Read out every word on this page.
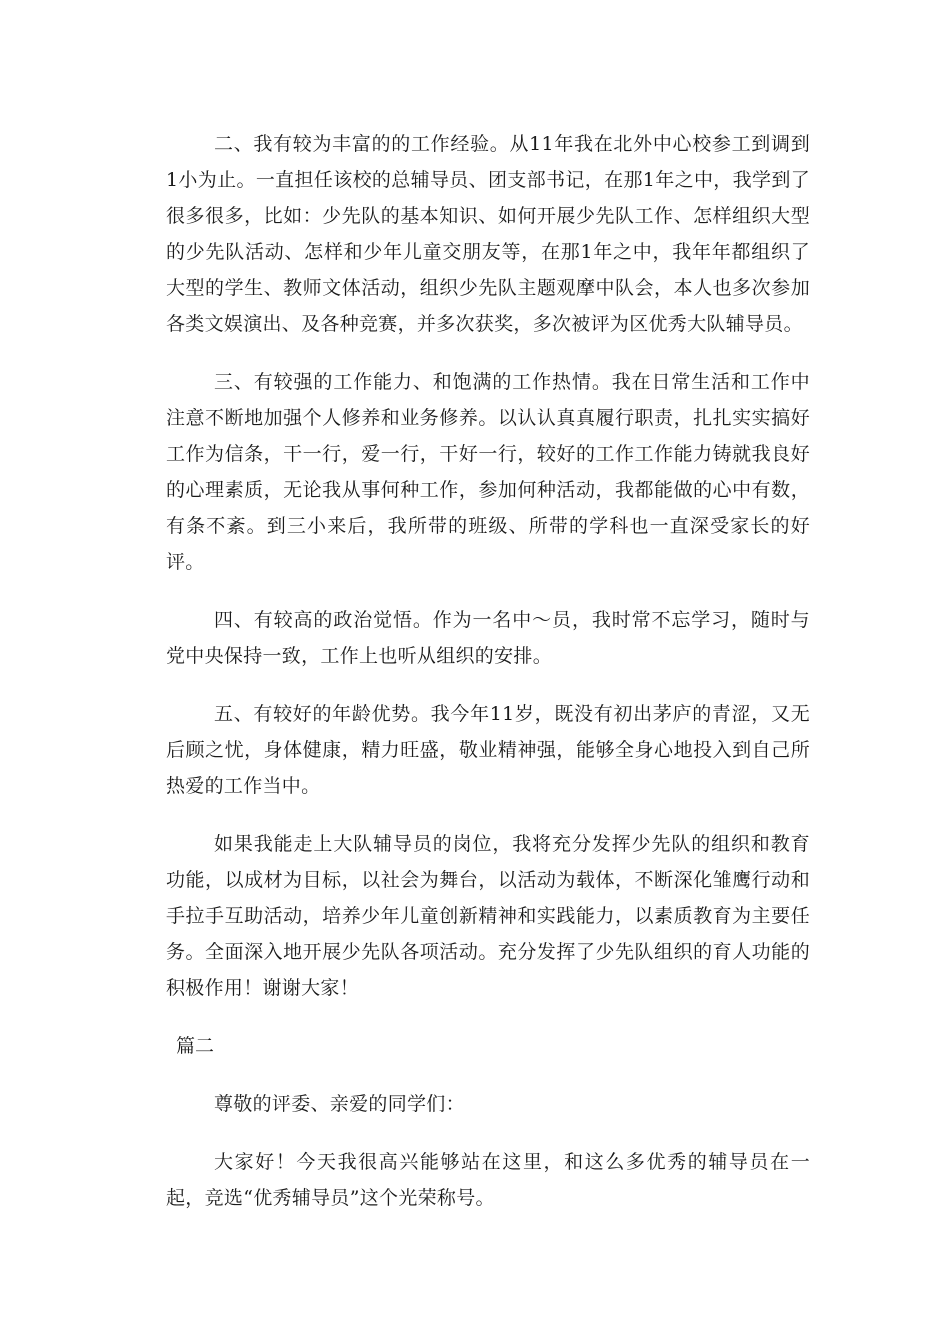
二、我有较为丰富的的工作经验。从11年我在北外中心校参工到调到1小为止。一直担任该校的总辅导员、团支部书记，在那1年之中，我学到了很多很多，比如：少先队的基本知识、如何开展少先队工作、怎样组织大型的少先队活动、怎样和少年儿童交朋友等，在那1年之中，我年年都组织了大型的学生、教师文体活动，组织少先队主题观摩中队会，本人也多次参加各类文娱演出、及各种竞赛，并多次获奖，多次被评为区优秀大队辅导员。

三、有较强的工作能力、和饱满的工作热情。我在日常生活和工作中注意不断地加强个人修养和业务修养。以认认真真履行职责，扎扎实实搞好工作为信条，干一行，爱一行，干好一行，较好的工作工作能力铸就我良好的心理素质，无论我从事何种工作，参加何种活动，我都能做的心中有数，有条不紊。到三小来后，我所带的班级、所带的学科也一直深受家长的好评。

四、有较高的政治觉悟。作为一名中～员，我时常不忘学习，随时与党中央保持一致，工作上也听从组织的安排。

五、有较好的年龄优势。我今年11岁，既没有初出茅庐的青涩，又无后顾之忧，身体健康，精力旺盛，敬业精神强，能够全身心地投入到自己所热爱的工作当中。

如果我能走上大队辅导员的岗位，我将充分发挥少先队的组织和教育功能，以成材为目标，以社会为舞台，以活动为载体，不断深化雏鹰行动和手拉手互助活动，培养少年儿童创新精神和实践能力，以素质教育为主要任务。全面深入地开展少先队各项活动。充分发挥了少先队组织的育人功能的积极作用！谢谢大家！

篇二

尊敬的评委、亲爱的同学们：

大家好！今天我很高兴能够站在这里，和这么多优秀的辅导员在一起，竞选“优秀辅导员”这个光荣称号。
